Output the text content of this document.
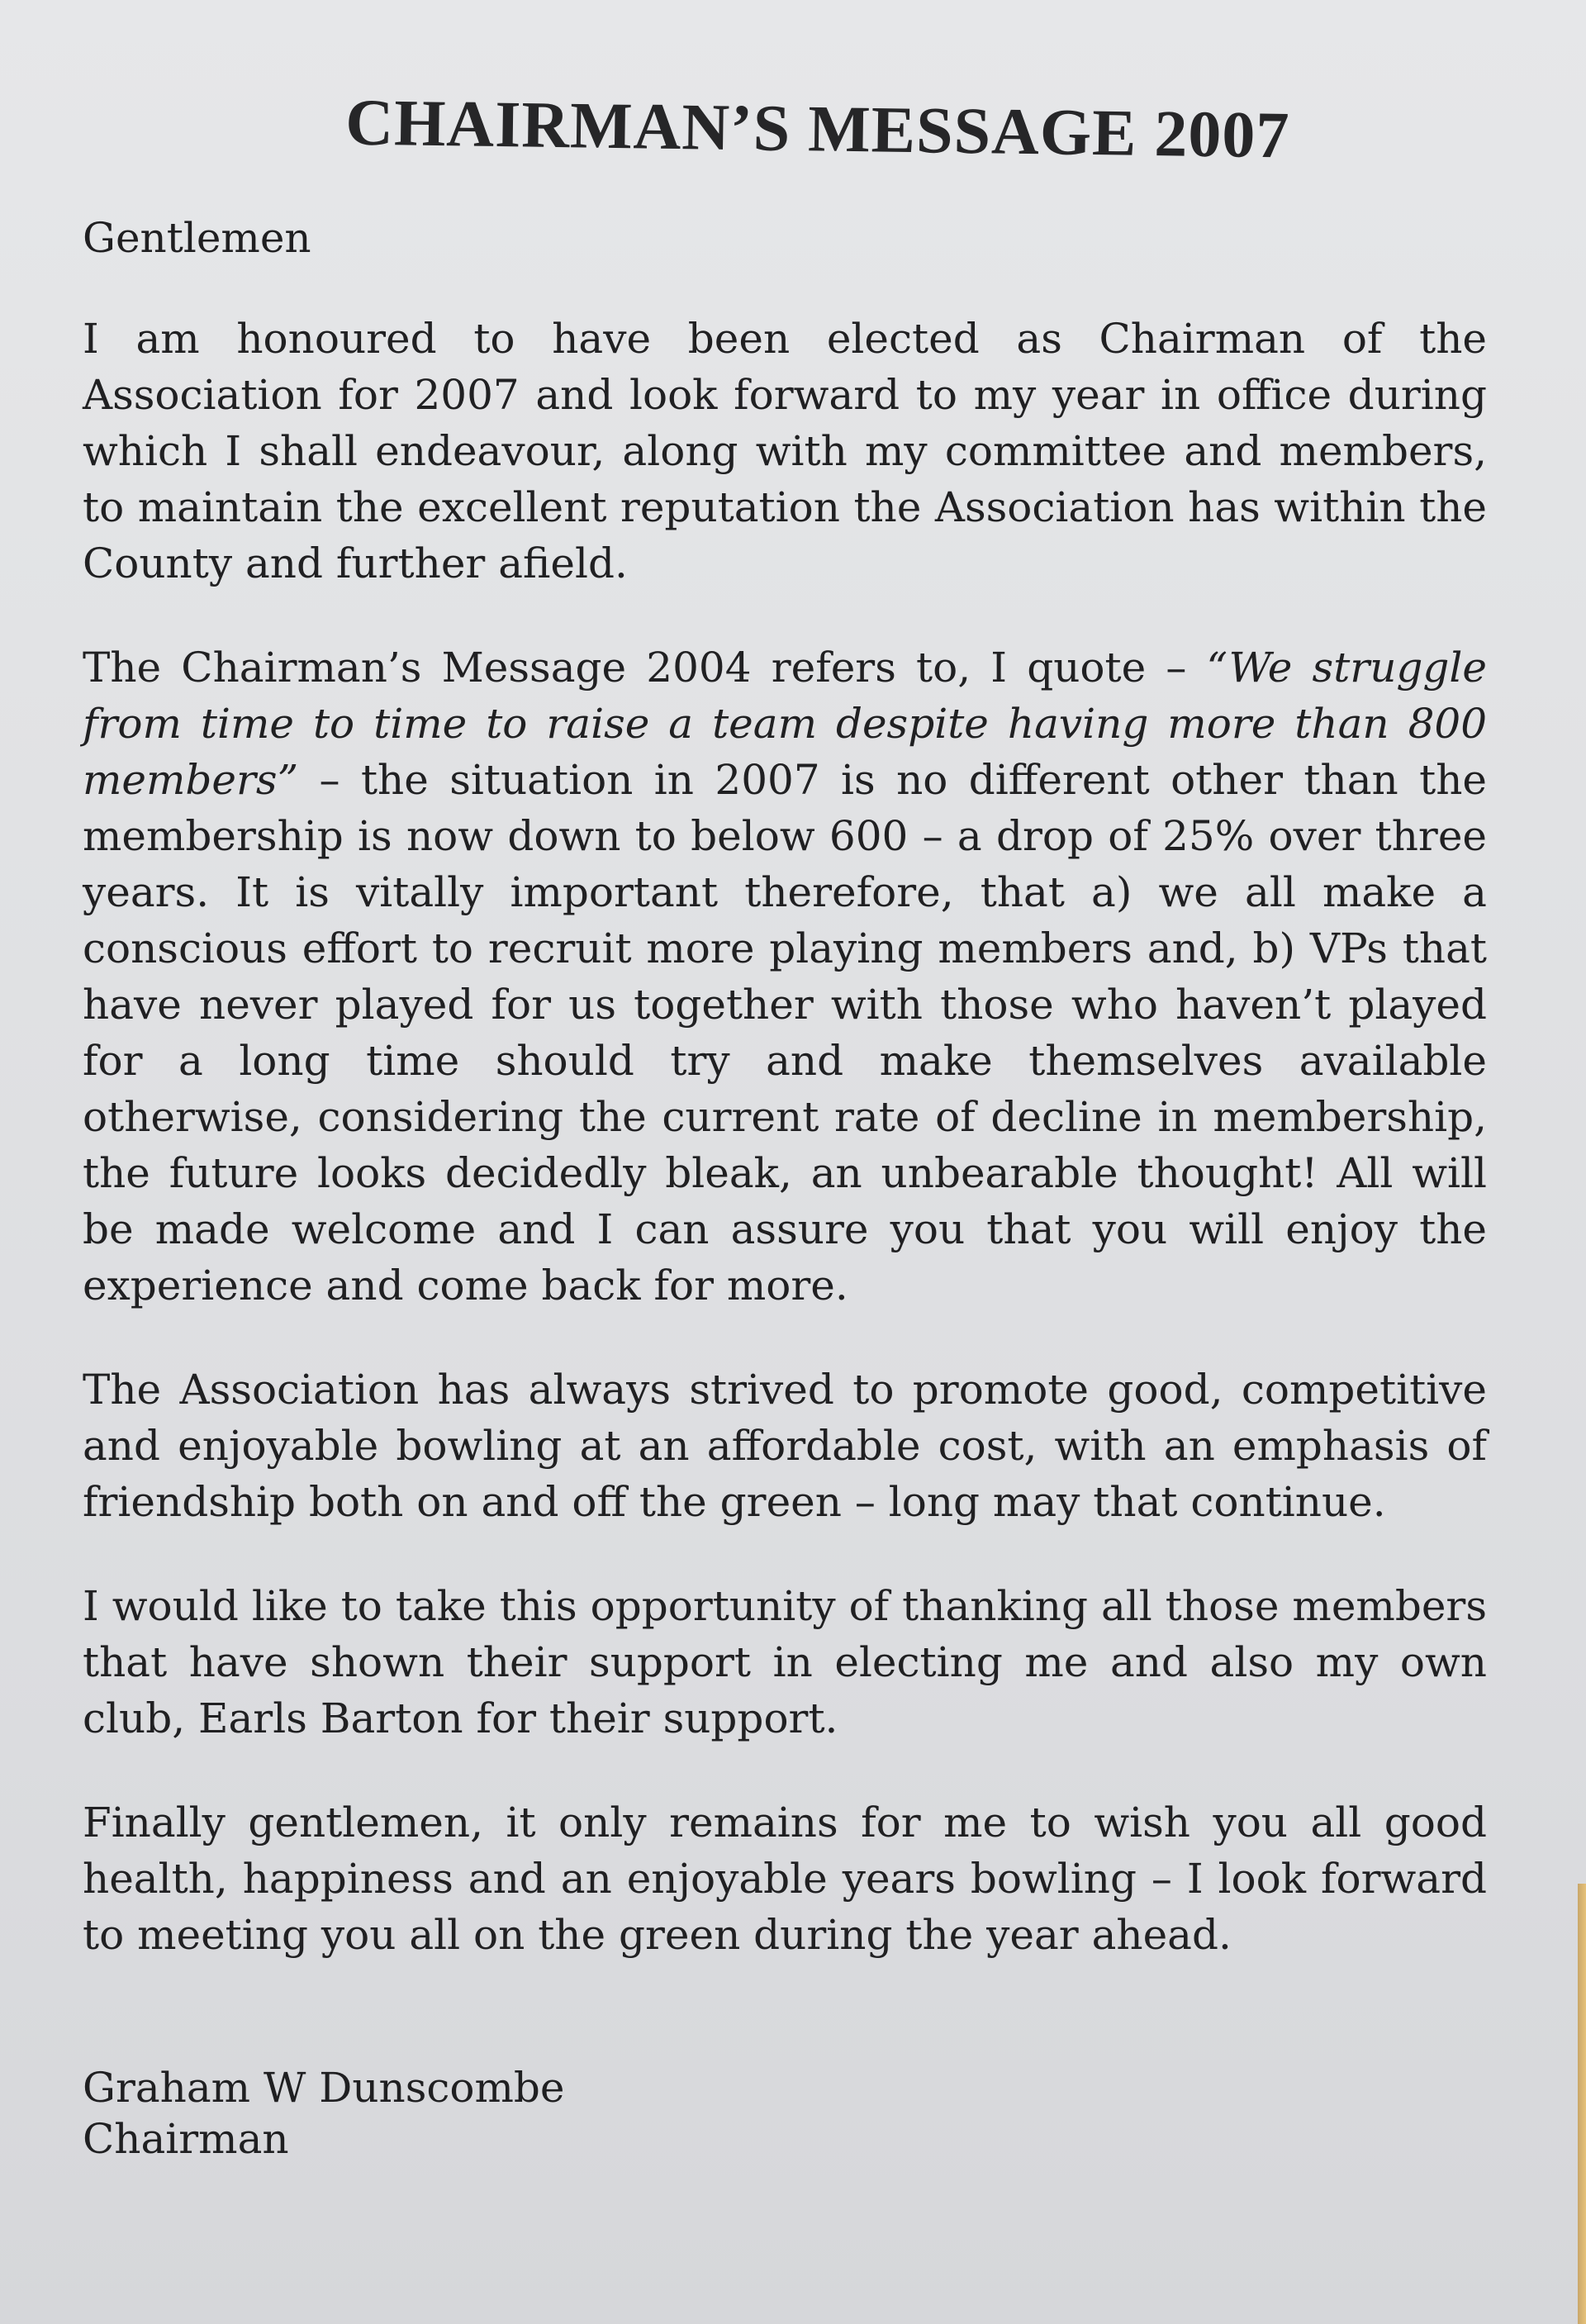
CHAIRMAN’S MESSAGE 2007
Gentlemen

I am honoured to have been elected as Chairman of the Association for 2007 and look forward to my year in office during which I shall endeavour, along with my committee and members, to maintain the excellent reputation the Association has within the County and further afield.

The Chairman’s Message 2004 refers to, I quote – “We struggle from time to time to raise a team despite having more than 800 members” – the situation in 2007 is no different other than the membership is now down to below 600 – a drop of 25% over three years. It is vitally important therefore, that a) we all make a conscious effort to recruit more playing members and, b) VPs that have never played for us together with those who haven’t played for a long time should try and make themselves available otherwise, considering the current rate of decline in membership, the future looks decidedly bleak, an unbearable thought! All will be made welcome and I can assure you that you will enjoy the experience and come back for more.

The Association has always strived to promote good, competitive and enjoyable bowling at an affordable cost, with an emphasis of friendship both on and off the green – long may that continue.

I would like to take this opportunity of thanking all those members that have shown their support in electing me and also my own club, Earls Barton for their support.

Finally gentlemen, it only remains for me to wish you all good health, happiness and an enjoyable years bowling – I look forward to meeting you all on the green during the year ahead.

Graham W Dunscombe
Chairman
